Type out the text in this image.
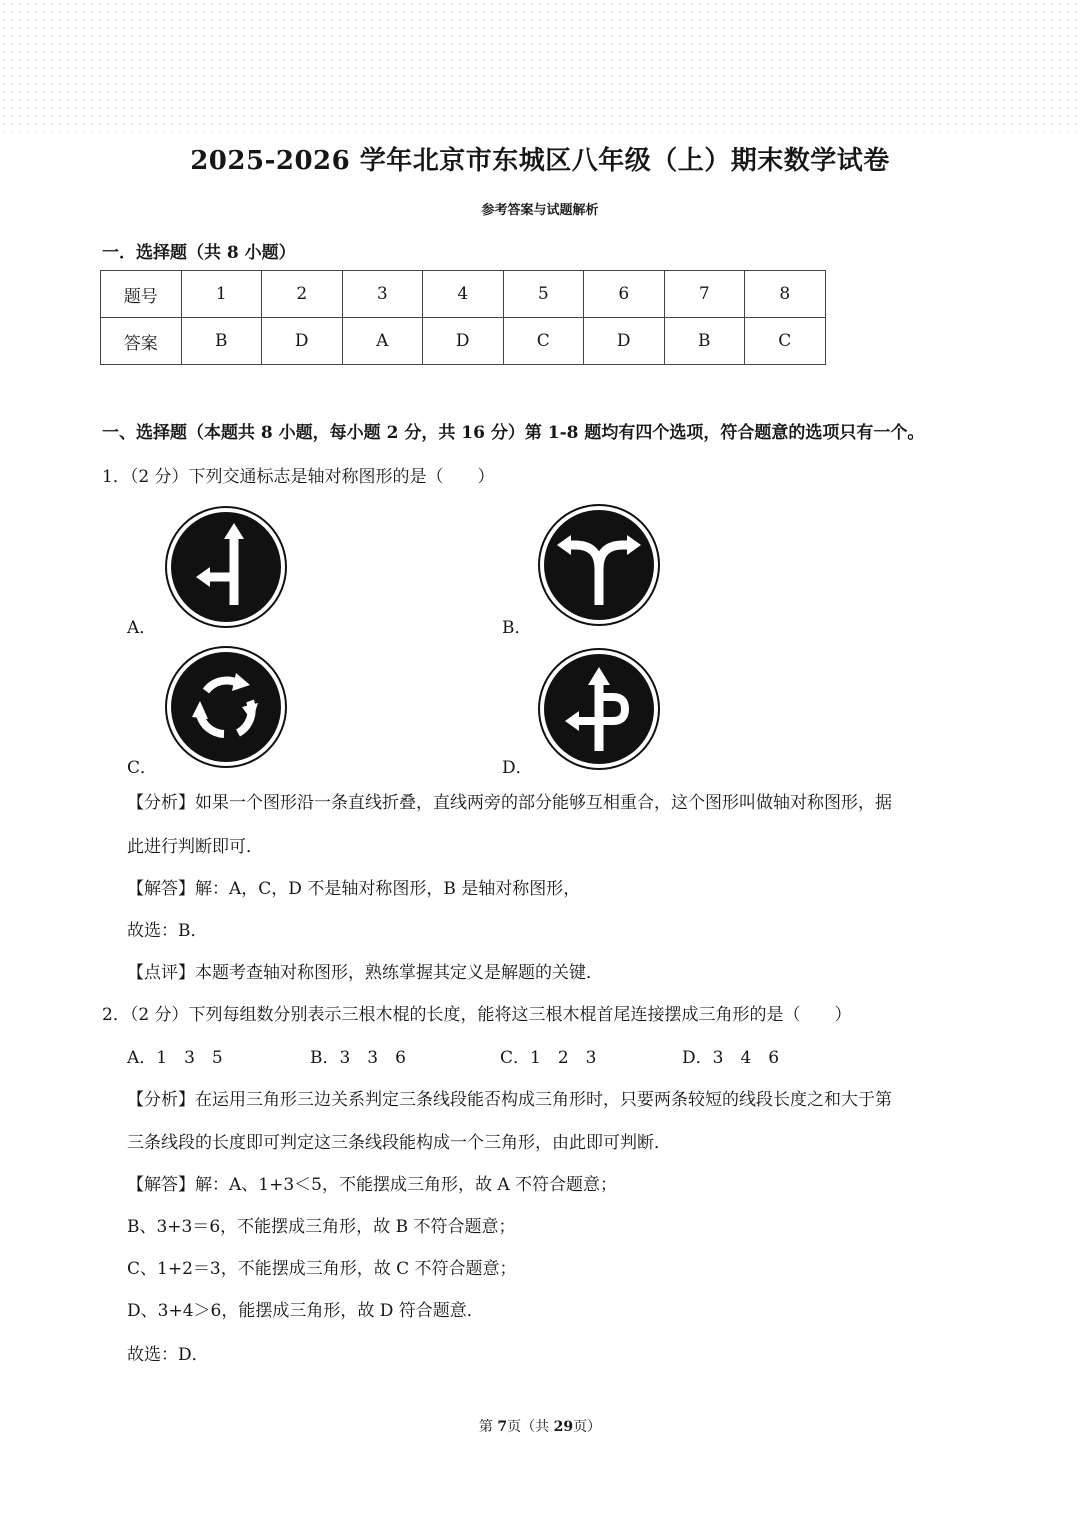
2025-2026 学年北京市东城区八年级（上）期末数学试卷
参考答案与试题解析
一．选择题（共 8 小题）
题号	1	2	3	4	5	6	7	8
答案	B	D	A	D	C	D	B	C
一、选择题（本题共 8 小题，每小题 2 分，共 16 分）第 1-8 题均有四个选项，符合题意的选项只有一个。
1．（2 分）下列交通标志是轴对称图形的是（　　）
A．	B．
C．	D．
【分析】如果一个图形沿一条直线折叠，直线两旁的部分能够互相重合，这个图形叫做轴对称图形，据
此进行判断即可．
【解答】解：A，C，D 不是轴对称图形，B 是轴对称图形，
故选：B．
【点评】本题考查轴对称图形，熟练掌握其定义是解题的关键．
2．（2 分）下列每组数分别表示三根木棍的长度，能将这三根木棍首尾连接摆成三角形的是（　　）
A．1　3　5	B．3　3　6	C．1　2　3	D．3　4　6
【分析】在运用三角形三边关系判定三条线段能否构成三角形时，只要两条较短的线段长度之和大于第
三条线段的长度即可判定这三条线段能构成一个三角形，由此即可判断．
【解答】解：A、1+3＜5，不能摆成三角形，故 A 不符合题意；
B、3+3＝6，不能摆成三角形，故 B 不符合题意；
C、1+2＝3，不能摆成三角形，故 C 不符合题意；
D、3+4＞6，能摆成三角形，故 D 符合题意．
故选：D．
第 7页（共 29页）
